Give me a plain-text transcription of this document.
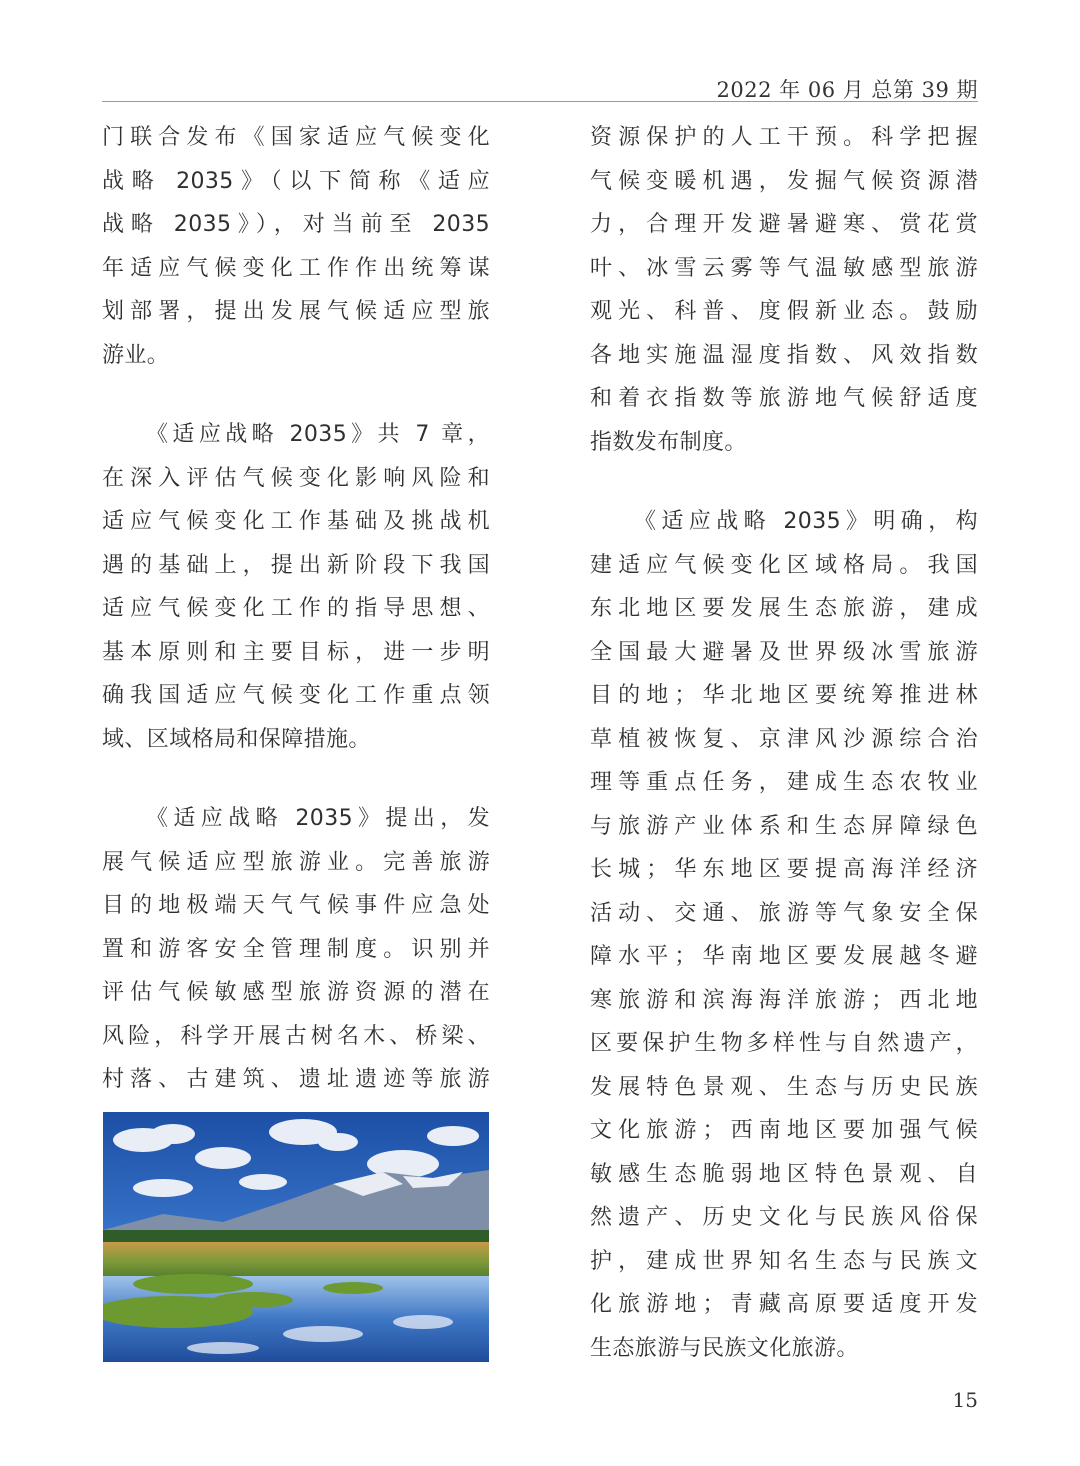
2022 年 06 月 总第 39 期
门联合发布《国家适应气候变化
战略 2035》（以下简称《适应
战略 2035》），对当前至 2035
年适应气候变化工作作出统筹谋
划部署，提出发展气候适应型旅
游业。
《适应战略 2035》共 7 章，
在深入评估气候变化影响风险和
适应气候变化工作基础及挑战机
遇的基础上，提出新阶段下我国
适应气候变化工作的指导思想、
基本原则和主要目标，进一步明
确我国适应气候变化工作重点领
域、区域格局和保障措施。
《适应战略 2035》提出，发
展气候适应型旅游业。完善旅游
目的地极端天气气候事件应急处
置和游客安全管理制度。识别并
评估气候敏感型旅游资源的潜在
风险，科学开展古树名木、桥梁、
村落、古建筑、遗址遗迹等旅游
资源保护的人工干预。科学把握
气候变暖机遇，发掘气候资源潜
力，合理开发避暑避寒、赏花赏
叶、冰雪云雾等气温敏感型旅游
观光、科普、度假新业态。鼓励
各地实施温湿度指数、风效指数
和着衣指数等旅游地气候舒适度
指数发布制度。
《适应战略 2035》明确，构
建适应气候变化区域格局。我国
东北地区要发展生态旅游，建成
全国最大避暑及世界级冰雪旅游
目的地；华北地区要统筹推进林
草植被恢复、京津风沙源综合治
理等重点任务，建成生态农牧业
与旅游产业体系和生态屏障绿色
长城；华东地区要提高海洋经济
活动、交通、旅游等气象安全保
障水平；华南地区要发展越冬避
寒旅游和滨海海洋旅游；西北地
区要保护生物多样性与自然遗产，
发展特色景观、生态与历史民族
文化旅游；西南地区要加强气候
敏感生态脆弱地区特色景观、自
然遗产、历史文化与民族风俗保
护，建成世界知名生态与民族文
化旅游地；青藏高原要适度开发
生态旅游与民族文化旅游。
15
